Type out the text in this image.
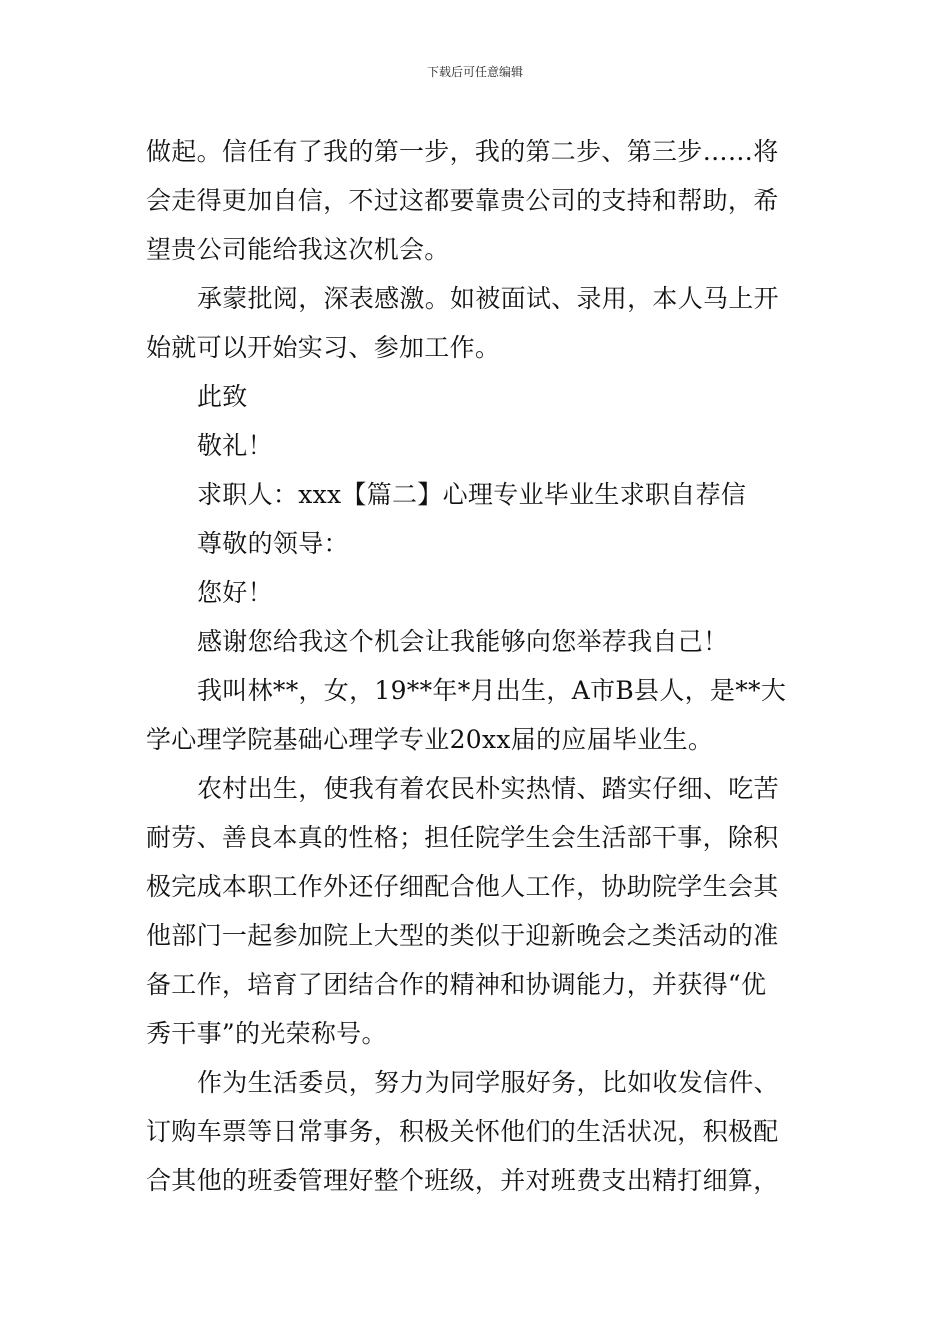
下载后可任意编辑
做起。信任有了我的第一步，我的第二步、第三步……将
会走得更加自信，不过这都要靠贵公司的支持和帮助，希
望贵公司能给我这次机会。
承蒙批阅，深表感激。如被面试、录用，本人马上开
始就可以开始实习、参加工作。
此致
敬礼！
求职人：xxx【篇二】心理专业毕业生求职自荐信
尊敬的领导：
您好！
感谢您给我这个机会让我能够向您举荐我自己！
我叫林**，女，19**年*月出生，A市B县人，是**大
学心理学院基础心理学专业20xx届的应届毕业生。
农村出生，使我有着农民朴实热情、踏实仔细、吃苦
耐劳、善良本真的性格；担任院学生会生活部干事，除积
极完成本职工作外还仔细配合他人工作，协助院学生会其
他部门一起参加院上大型的类似于迎新晚会之类活动的准
备工作，培育了团结合作的精神和协调能力，并获得“优
秀干事”的光荣称号。
作为生活委员，努力为同学服好务，比如收发信件、
订购车票等日常事务，积极关怀他们的生活状况，积极配
合其他的班委管理好整个班级，并对班费支出精打细算，
